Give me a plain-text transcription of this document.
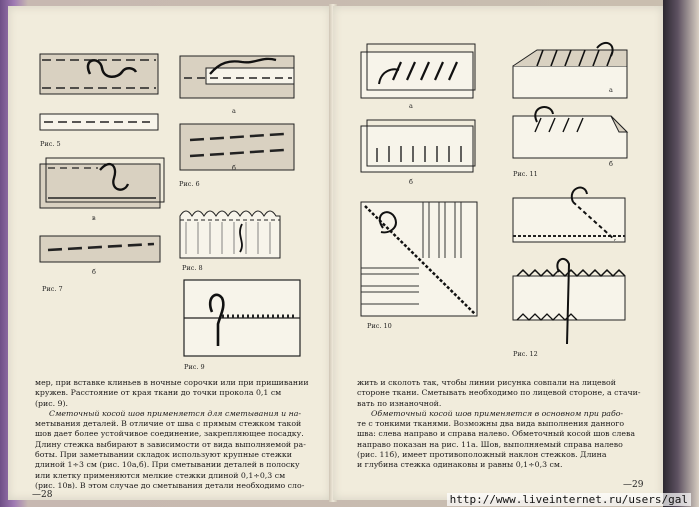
Рис. 5
а
б
Рис. 6
в
б
Рис. 7
Рис. 8
Рис. 9
мер, при вставке клиньев в ночные сорочки или при пришивании
кружев. Расстояние от края ткани до точки прокола 0,1 см
(рис. 9).
Сметочный косой шов применяется для сметывания и на-
метывания деталей. В отличие от шва с прямым стежком такой
шов дает более устойчивое соединение, закрепляющее посадку.
Длину стежка выбирают в зависимости от вида выполняемой ра-
боты. При заметывании складок используют крупные стежки
длиной 1÷3 см (рис. 10а,б). При сметывании деталей в полоску
или клетку применяются мелкие стежки длиной 0,1÷0,3 см
(рис. 10в). В этом случае до сметывания детали необходимо сло-
—28
а
б
Рис. 10
а
б
Рис. 11
Рис. 12
жить и сколоть так, чтобы линии рисунка совпали на лицевой
стороне ткани. Сметывать необходимо по лицевой стороне, а стачи-
вать по изнаночной.
Обметочный косой шов применяется в основном при рабо-
те с тонкими тканями. Возможны два вида выполнения данного
шва: слева направо и справа налево. Обметочный косой шов слева
направо показан на рис. 11а. Шов, выполняемый справа налево
(рис. 11б), имеет противоположный наклон стежков. Длина
и глубина стежка одинаковы и равны 0,1÷0,3 см.
—29
http://www.liveinternet.ru/users/gal
